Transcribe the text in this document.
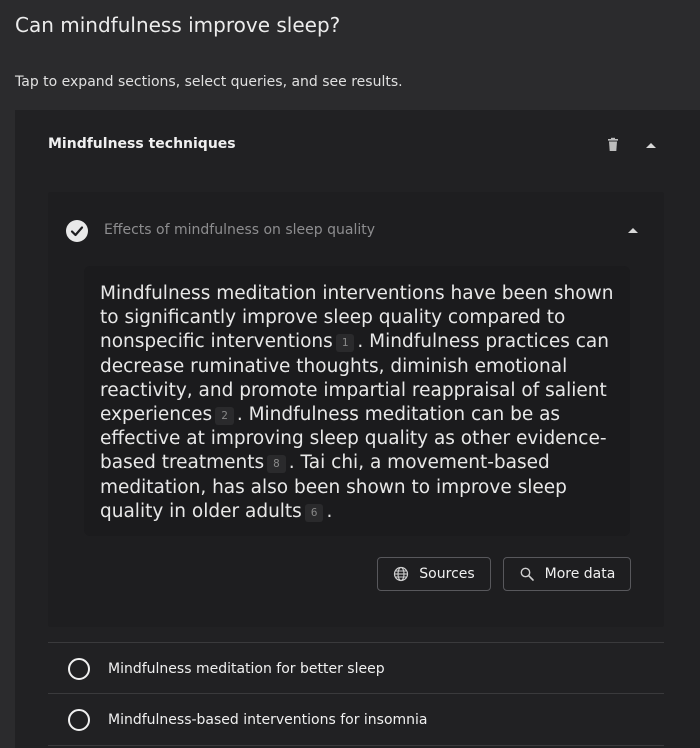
Can mindfulness improve sleep?
Tap to expand sections, select queries, and see results.
Mindfulness techniques
Effects of mindfulness on sleep quality
Mindfulness meditation interventions have been shown to significantly improve sleep quality compared to nonspecific interventions 1 . Mindfulness practices can decrease ruminative thoughts, diminish emotional reactivity, and promote impartial reappraisal of salient experiences 2 . Mindfulness meditation can be as effective at improving sleep quality as other evidence-based treatments 8 . Tai chi, a movement-based meditation, has also been shown to improve sleep quality in older adults 6 .
Sources	More data
Mindfulness meditation for better sleep
Mindfulness-based interventions for insomnia
